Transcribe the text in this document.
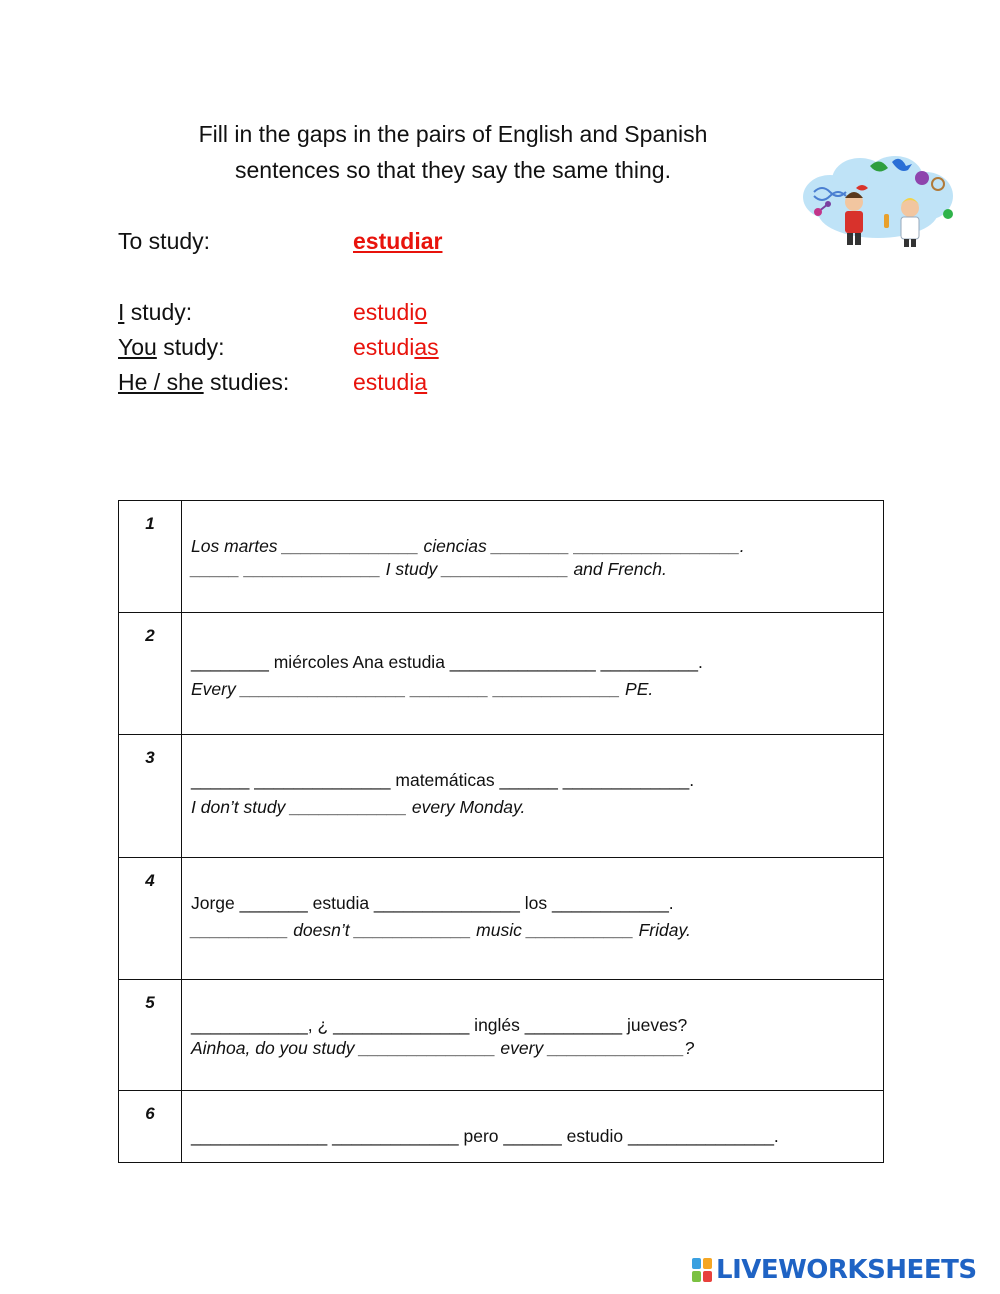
Fill in the gaps in the pairs of English and Spanish
sentences so that they say the same thing.
To study:	estudiar
I study:	estudio
You study:	estudias
He / she studies:	estudia
1	Los martes ______________ ciencias ________ _________________.
_____ ______________ I study _____________ and French.

2	________ miércoles Ana estudia _______________ __________.
Every _________________ ________ _____________ PE.

3	______ ______________ matemáticas ______ _____________.
I don’t study ____________ every Monday.

4	Jorge _______ estudia _______________ los ____________.
__________ doesn’t ____________ music ___________ Friday.

5	____________, ¿ ______________ inglés __________ jueves?
Ainhoa, do you study ______________ every ______________?

6	______________ _____________ pero ______ estudio _______________.
LIVEWORKSHEETS
